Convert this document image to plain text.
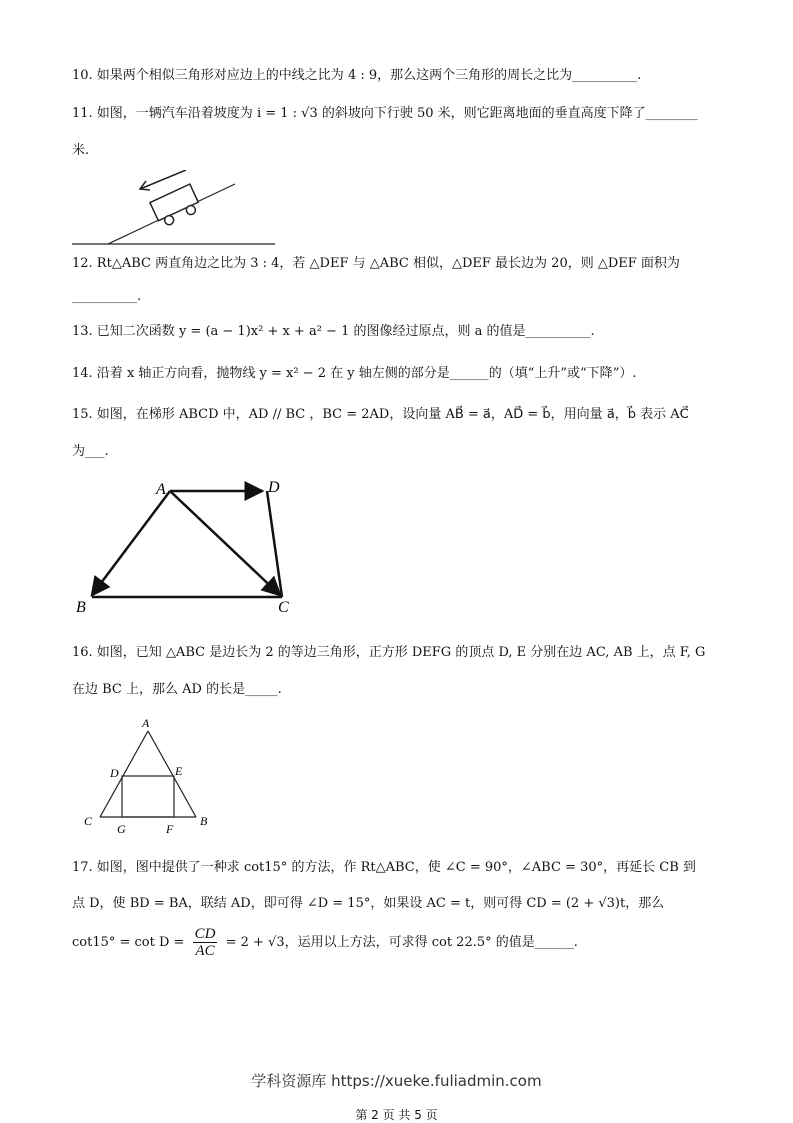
10. 如果两个相似三角形对应边上的中线之比为 4 : 9，那么这两个三角形的周长之比为__________.
11. 如图，一辆汽车沿着坡度为 i = 1 : √3 的斜坡向下行驶 50 米，则它距离地面的垂直高度下降了________
米.
12. Rt△ABC 两直角边之比为 3 : 4，若 △DEF 与 △ABC 相似，△DEF 最长边为 20，则 △DEF 面积为
__________.
13. 已知二次函数 y = (a − 1)x² + x + a² − 1 的图像经过原点，则 a 的值是__________.
14. 沿着 x 轴正方向看，抛物线 y = x² − 2 在 y 轴左侧的部分是______的（填“上升”或“下降”）.
15. 如图，在梯形 ABCD 中，AD // BC ，BC = 2AD，设向量 AB⃗ = a⃗，AD⃗ = b⃗，用向量 a⃗，b⃗ 表示 AC⃗
为___.
A	D
B	C
16. 如图，已知 △ABC 是边长为 2 的等边三角形，正方形 DEFG 的顶点 D, E 分别在边 AC, AB 上，点 F, G
在边 BC 上，那么 AD 的长是_____.
A
D	E
C
G	F
B
17. 如图，图中提供了一种求 cot15° 的方法，作 Rt△ABC，使 ∠C = 90°，∠ABC = 30°，再延长 CB 到
点 D，使 BD = BA，联结 AD，即可得 ∠D = 15°，如果设 AC = t，则可得 CD = (2 + √3)t，那么
$\cot 15^\circ = \cot D = \frac{CD}{AC} = 2 + √3$，运用以上方法，可求得 cot 22.5° 的值是______.
学科资源库 https://xueke.fuliadmin.com
第 2 页 共 5 页
